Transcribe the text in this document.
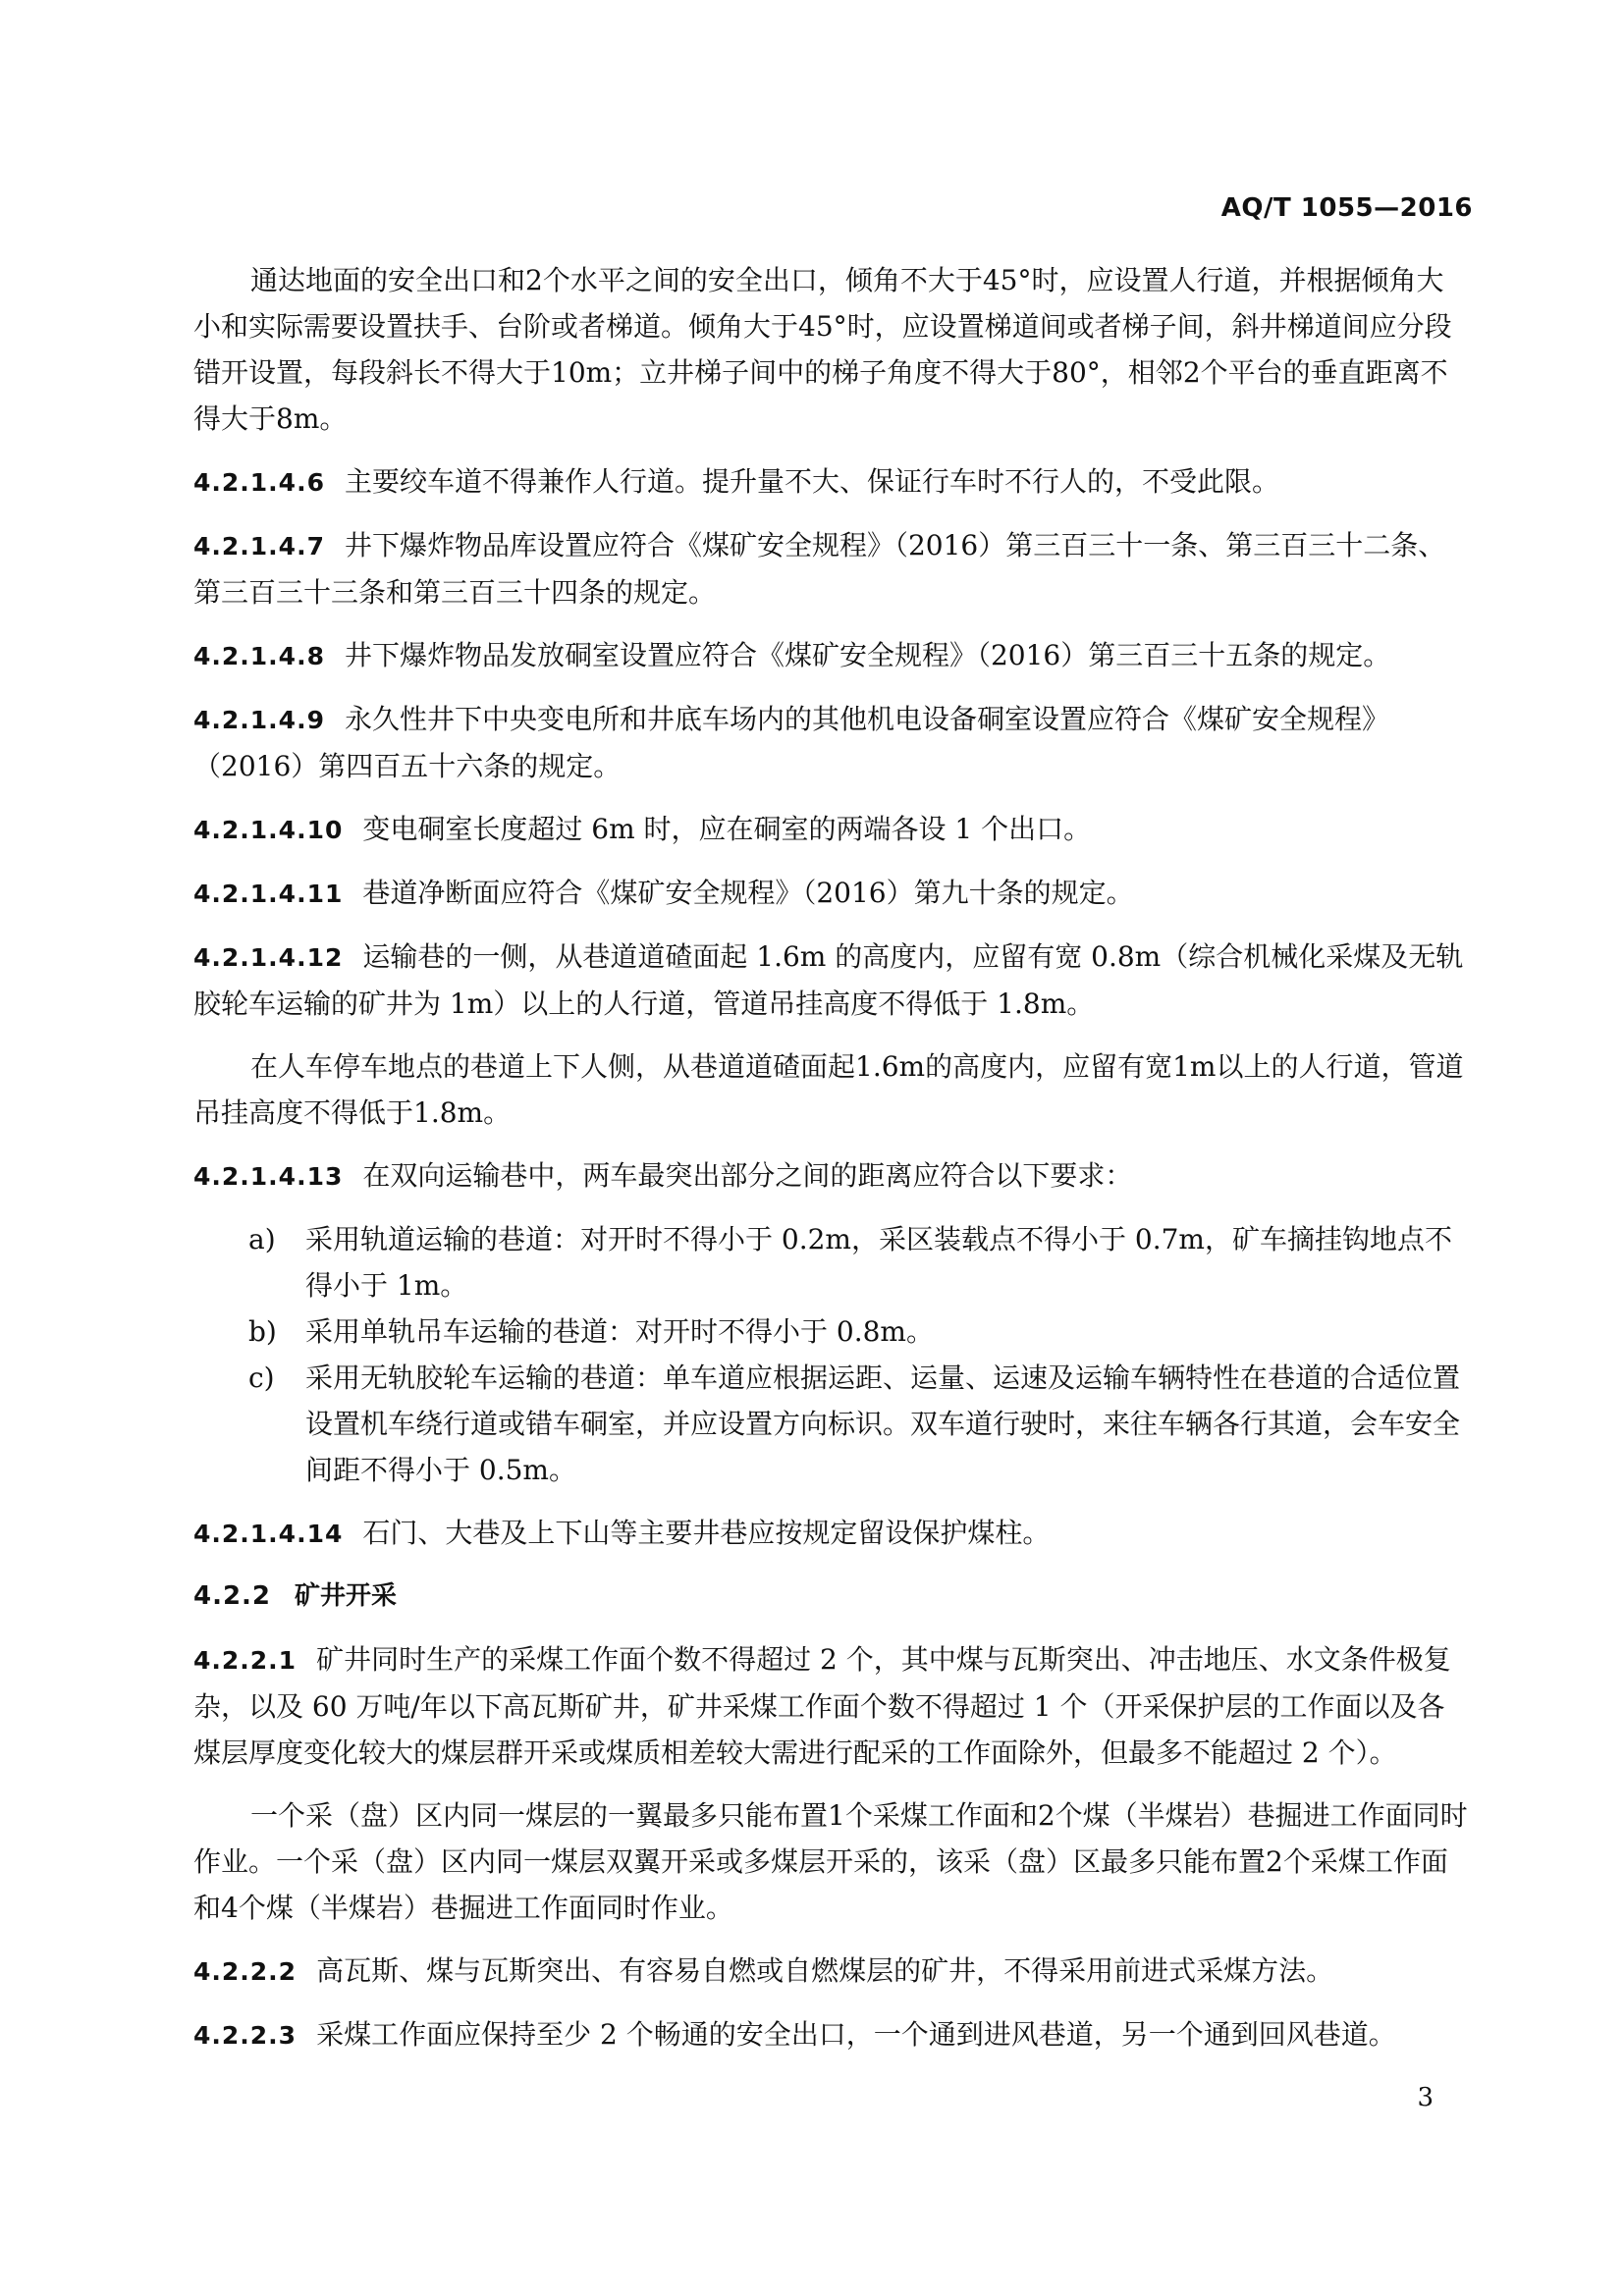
AQ/T 1055—2016

通达地面的安全出口和2个水平之间的安全出口，倾角不大于45°时，应设置人行道，并根据倾角大小和实际需要设置扶手、台阶或者梯道。倾角大于45°时，应设置梯道间或者梯子间，斜井梯道间应分段错开设置，每段斜长不得大于10m；立井梯子间中的梯子角度不得大于80°，相邻2个平台的垂直距离不得大于8m。

4.2.1.4.6 主要绞车道不得兼作人行道。提升量不大、保证行车时不行人的，不受此限。

4.2.1.4.7 井下爆炸物品库设置应符合《煤矿安全规程》（2016）第三百三十一条、第三百三十二条、第三百三十三条和第三百三十四条的规定。

4.2.1.4.8 井下爆炸物品发放硐室设置应符合《煤矿安全规程》（2016）第三百三十五条的规定。

4.2.1.4.9 永久性井下中央变电所和井底车场内的其他机电设备硐室设置应符合《煤矿安全规程》（2016）第四百五十六条的规定。

4.2.1.4.10 变电硐室长度超过 6m 时，应在硐室的两端各设 1 个出口。

4.2.1.4.11 巷道净断面应符合《煤矿安全规程》（2016）第九十条的规定。

4.2.1.4.12 运输巷的一侧，从巷道道碴面起 1.6m 的高度内，应留有宽 0.8m（综合机械化采煤及无轨胶轮车运输的矿井为 1m）以上的人行道，管道吊挂高度不得低于 1.8m。

在人车停车地点的巷道上下人侧，从巷道道碴面起1.6m的高度内，应留有宽1m以上的人行道，管道吊挂高度不得低于1.8m。

4.2.1.4.13 在双向运输巷中，两车最突出部分之间的距离应符合以下要求：

a)	采用轨道运输的巷道：对开时不得小于 0.2m，采区装载点不得小于 0.7m，矿车摘挂钩地点不得小于 1m。
b)	采用单轨吊车运输的巷道：对开时不得小于 0.8m。
c)	采用无轨胶轮车运输的巷道：单车道应根据运距、运量、运速及运输车辆特性在巷道的合适位置设置机车绕行道或错车硐室，并应设置方向标识。双车道行驶时，来往车辆各行其道，会车安全间距不得小于 0.5m。

4.2.1.4.14 石门、大巷及上下山等主要井巷应按规定留设保护煤柱。

4.2.2 矿井开采

4.2.2.1 矿井同时生产的采煤工作面个数不得超过 2 个，其中煤与瓦斯突出、冲击地压、水文条件极复杂，以及 60 万吨/年以下高瓦斯矿井，矿井采煤工作面个数不得超过 1 个（开采保护层的工作面以及各煤层厚度变化较大的煤层群开采或煤质相差较大需进行配采的工作面除外，但最多不能超过 2 个）。

一个采（盘）区内同一煤层的一翼最多只能布置1个采煤工作面和2个煤（半煤岩）巷掘进工作面同时作业。一个采（盘）区内同一煤层双翼开采或多煤层开采的，该采（盘）区最多只能布置2个采煤工作面和4个煤（半煤岩）巷掘进工作面同时作业。

4.2.2.2 高瓦斯、煤与瓦斯突出、有容易自燃或自燃煤层的矿井，不得采用前进式采煤方法。

4.2.2.3 采煤工作面应保持至少 2 个畅通的安全出口，一个通到进风巷道，另一个通到回风巷道。

3
